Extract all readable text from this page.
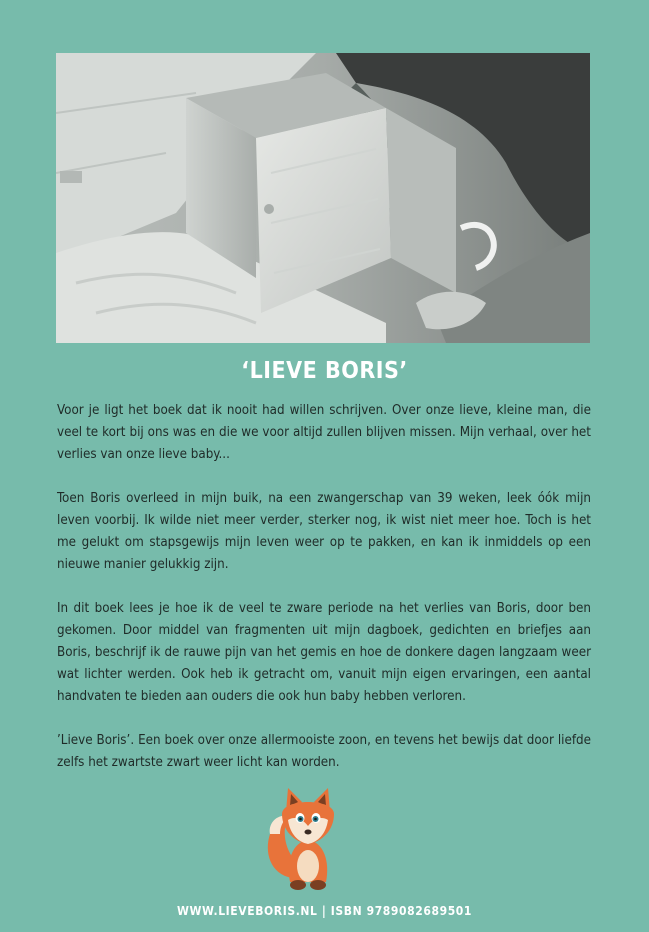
‘LIEVE BORIS’

Voor je ligt het boek dat ik nooit had willen schrijven. Over onze lieve, kleine man, die veel te kort bij ons was en die we voor altijd zullen blijven missen. Mijn verhaal, over het verlies van onze lieve baby...

Toen Boris overleed in mijn buik, na een zwangerschap van 39 weken, leek óók mijn leven voorbij. Ik wilde niet meer verder, sterker nog, ik wist niet meer hoe. Toch is het me gelukt om stapsgewijs mijn leven weer op te pakken, en kan ik inmiddels op een nieuwe manier gelukkig zijn.

In dit boek lees je hoe ik de veel te zware periode na het verlies van Boris, door ben gekomen. Door middel van fragmenten uit mijn dagboek, gedichten en briefjes aan Boris, beschrijf ik de rauwe pijn van het gemis en hoe de donkere dagen langzaam weer wat lichter werden. Ook heb ik getracht om, vanuit mijn eigen ervaringen, een aantal handvaten te bieden aan ouders die ook hun baby hebben verloren.

’Lieve Boris’. Een boek over onze allermooiste zoon, en tevens het bewijs dat door liefde zelfs het zwartste zwart weer licht kan worden.

WWW.LIEVEBORIS.NL | ISBN 9789082689501
